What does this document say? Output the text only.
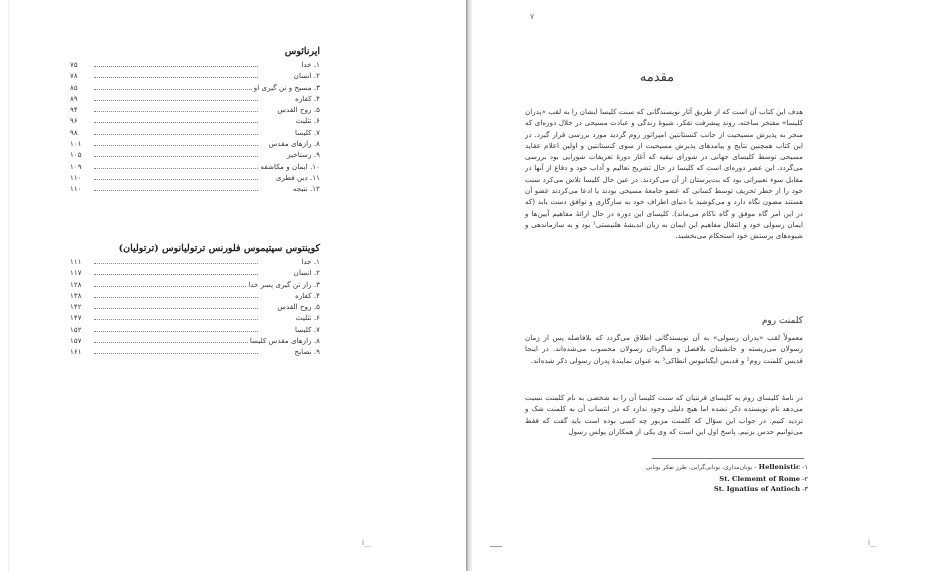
ایرنائوس
۷۵	۱. خدا
۷۸	۲. انسان
۸۵	۳. مسیح و تن گیری او
۸۹	۴. کفاره
۹۴	۵. روح القدس
۹۶	۶. تثلیث
۹۸	۷. کلیسا
۱۰۱	۸. رازهای مقدس
۱۰۵	۹. رستاخیز
۱۰۹	۱۰. ایمان و مکاشفه
۱۱۰	۱۱. دین فطری
۱۱۰	۱۲. نتیجه
کوینتوس سپتیموس فلورنس ترتولیانوس (ترتولیان)
۱۱۱	۱. خدا
۱۱۷	۲. انسان
۱۲۸	۳. راز تن گیری پسر خدا
۱۳۸	۴. کفاره
۱۴۲	۵. روح القدس
۱۴۷	۶. تثلیث
۱۵۲	۷. کلیسا
۱۵۷	۸. رازهای مقدس کلیسا
۱۶۱	۹. نصایح
ا__
۷
مقدمه
هدف این کتاب آن است که از طریق آثار نویسندگانی که سنت کلیسا ایشان را به لقب «پدران کلیسا» مفتخر ساخته، روند پیشرفت تفکر، شیوهٔ زندگی و عبادت مسیحی در خلال دوره‌ای که منجر به پذیرش مسیحیت از جانب کنستانتین امپراتور روم گردید مورد بررسی قرار گیرد. در این کتاب همچنین نتایج و پیامدهای پذیرش مسیحیت از سوی کنستانتین و اولین اعلام عقاید مسیحی توسط کلیسای جهانی در شورای نیقیه که آغاز دورهٔ تعریفات شورایی بود بررسی می‌گردد. این عصر دوره‌ای است که کلیسا در حال تشریح تعالیم و آداب خود و دفاع از آنها در مقابل سوء تعبیراتی بود که بت‌پرستان از آن می‌کردند. در عین حال کلیسا تلاش می‌کرد سنت خود را از خطر تحریف توسط کسانی که عضو جامعهٔ مسیحی بودند یا ادعا می‌کردند عضو آن هستند مصون نگاه دارد و می‌کوشید با دنیای اطراف خود به سازگاری و توافق دست یابد (که در این امر گاه موفق و گاه ناکام می‌ماند). کلیسای این دوره در حال ارائهٔ مفاهیم آیین‌ها و ایمان رسولی خود و انتقال مفاهیم این ایمان به زبان اندیشهٔ هلنیستی¹ بود و به سازماندهی و شیوه‌های پرستش خود استحکام می‌بخشید.
کلمنت روم
معمولاً لقب «پدران رسولی» به آن نویسندگانی اطلاق می‌گردد که بلافاصله پس از زمان رسولان می‌زیسته و جانشینان بلافصل و شاگردان رسولان محسوب می‌شده‌اند. در اینجا قدیس کلمنت روم² و قدیس ایگناتیوس انطاکی³ به عنوان نمایندهٔ پدران رسولی ذکر شده‌اند.
در نامهٔ کلیسای روم به کلیسای قرنتیان که سنت کلیسا آن را به شخصی به نام کلمنت نسبت می‌دهد نام نویسنده ذکر نشده اما هیچ دلیلی وجود ندارد که در انتساب آن به کلمنت شک و تردید کنیم. در جواب این سؤال که کلمنت مزبور چه کسی بوده است باید گفت که فقط می‌توانیم حدس بزنیم. پاسخ اول این است که وی یکی از همکاران پولس رسول
۱- Hellenistic - یونان‌مداری، یونانی‌گرایی، طرز تفکر یونانی
۲- St. Clememt of Rome
۳- St. Ignatius of Antioch
ا__
